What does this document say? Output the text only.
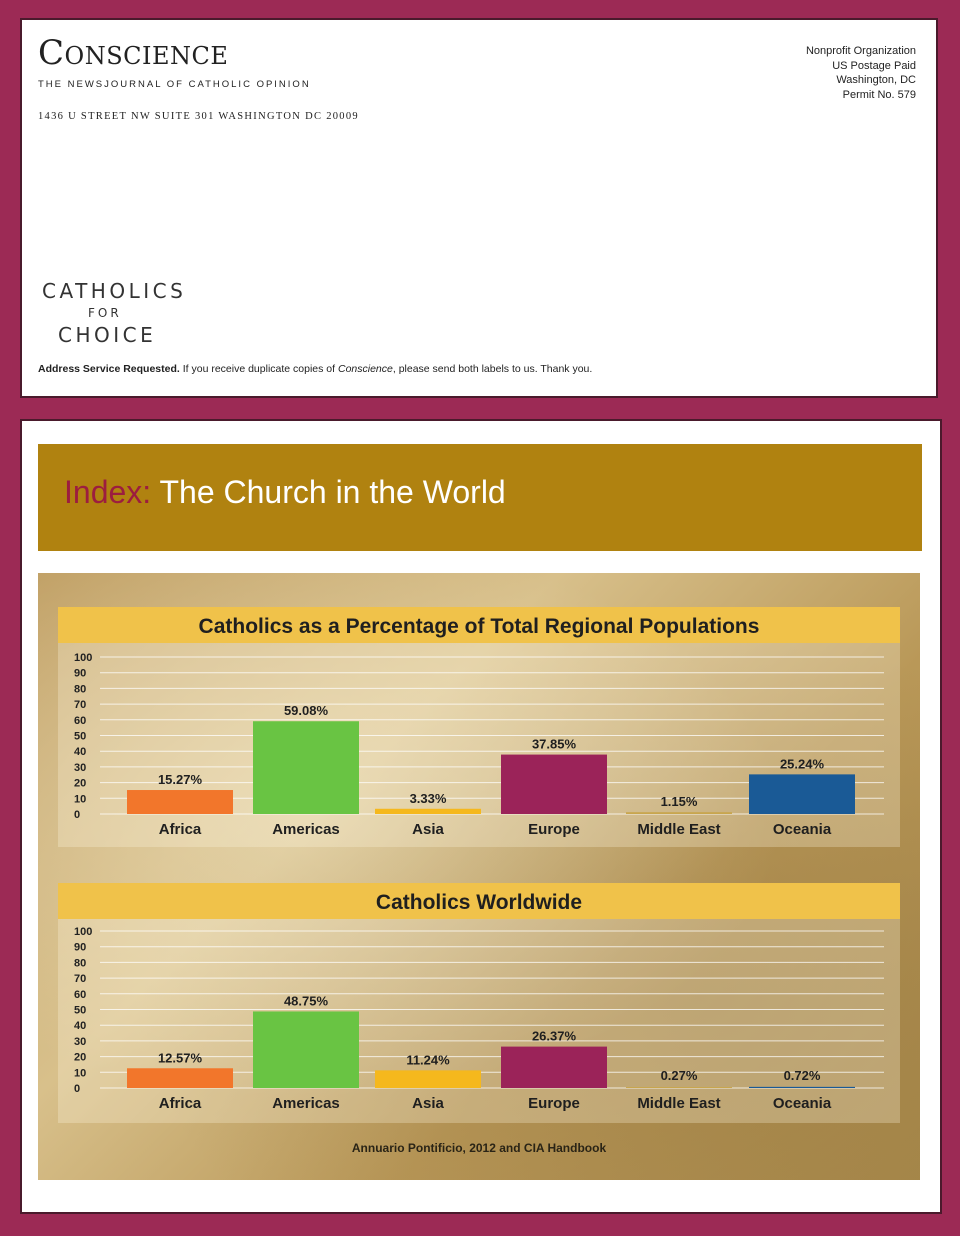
Conscience
THE NEWSJOURNAL OF CATHOLIC OPINION
1436 U STREET NW SUITE 301 WASHINGTON DC 20009
Nonprofit Organization
US Postage Paid
Washington, DC
Permit No. 579
CATHOLICS
FOR
CHOICE
Address Service Requested. If you receive duplicate copies of Conscience, please send both labels to us. Thank you.
Index: The Church in the World
Catholics as a Percentage of Total Regional Populations
0
10
20
30
40
50
60
70
80
90
100
15.27%
Africa
59.08%
Americas
3.33%
Asia
37.85%
Europe
1.15%
Middle East
25.24%
Oceania
Catholics Worldwide
0
10
20
30
40
50
60
70
80
90
100
12.57%
Africa
48.75%
Americas
11.24%
Asia
26.37%
Europe
0.27%
Middle East
0.72%
Oceania
Annuario Pontificio, 2012 and CIA Handbook
